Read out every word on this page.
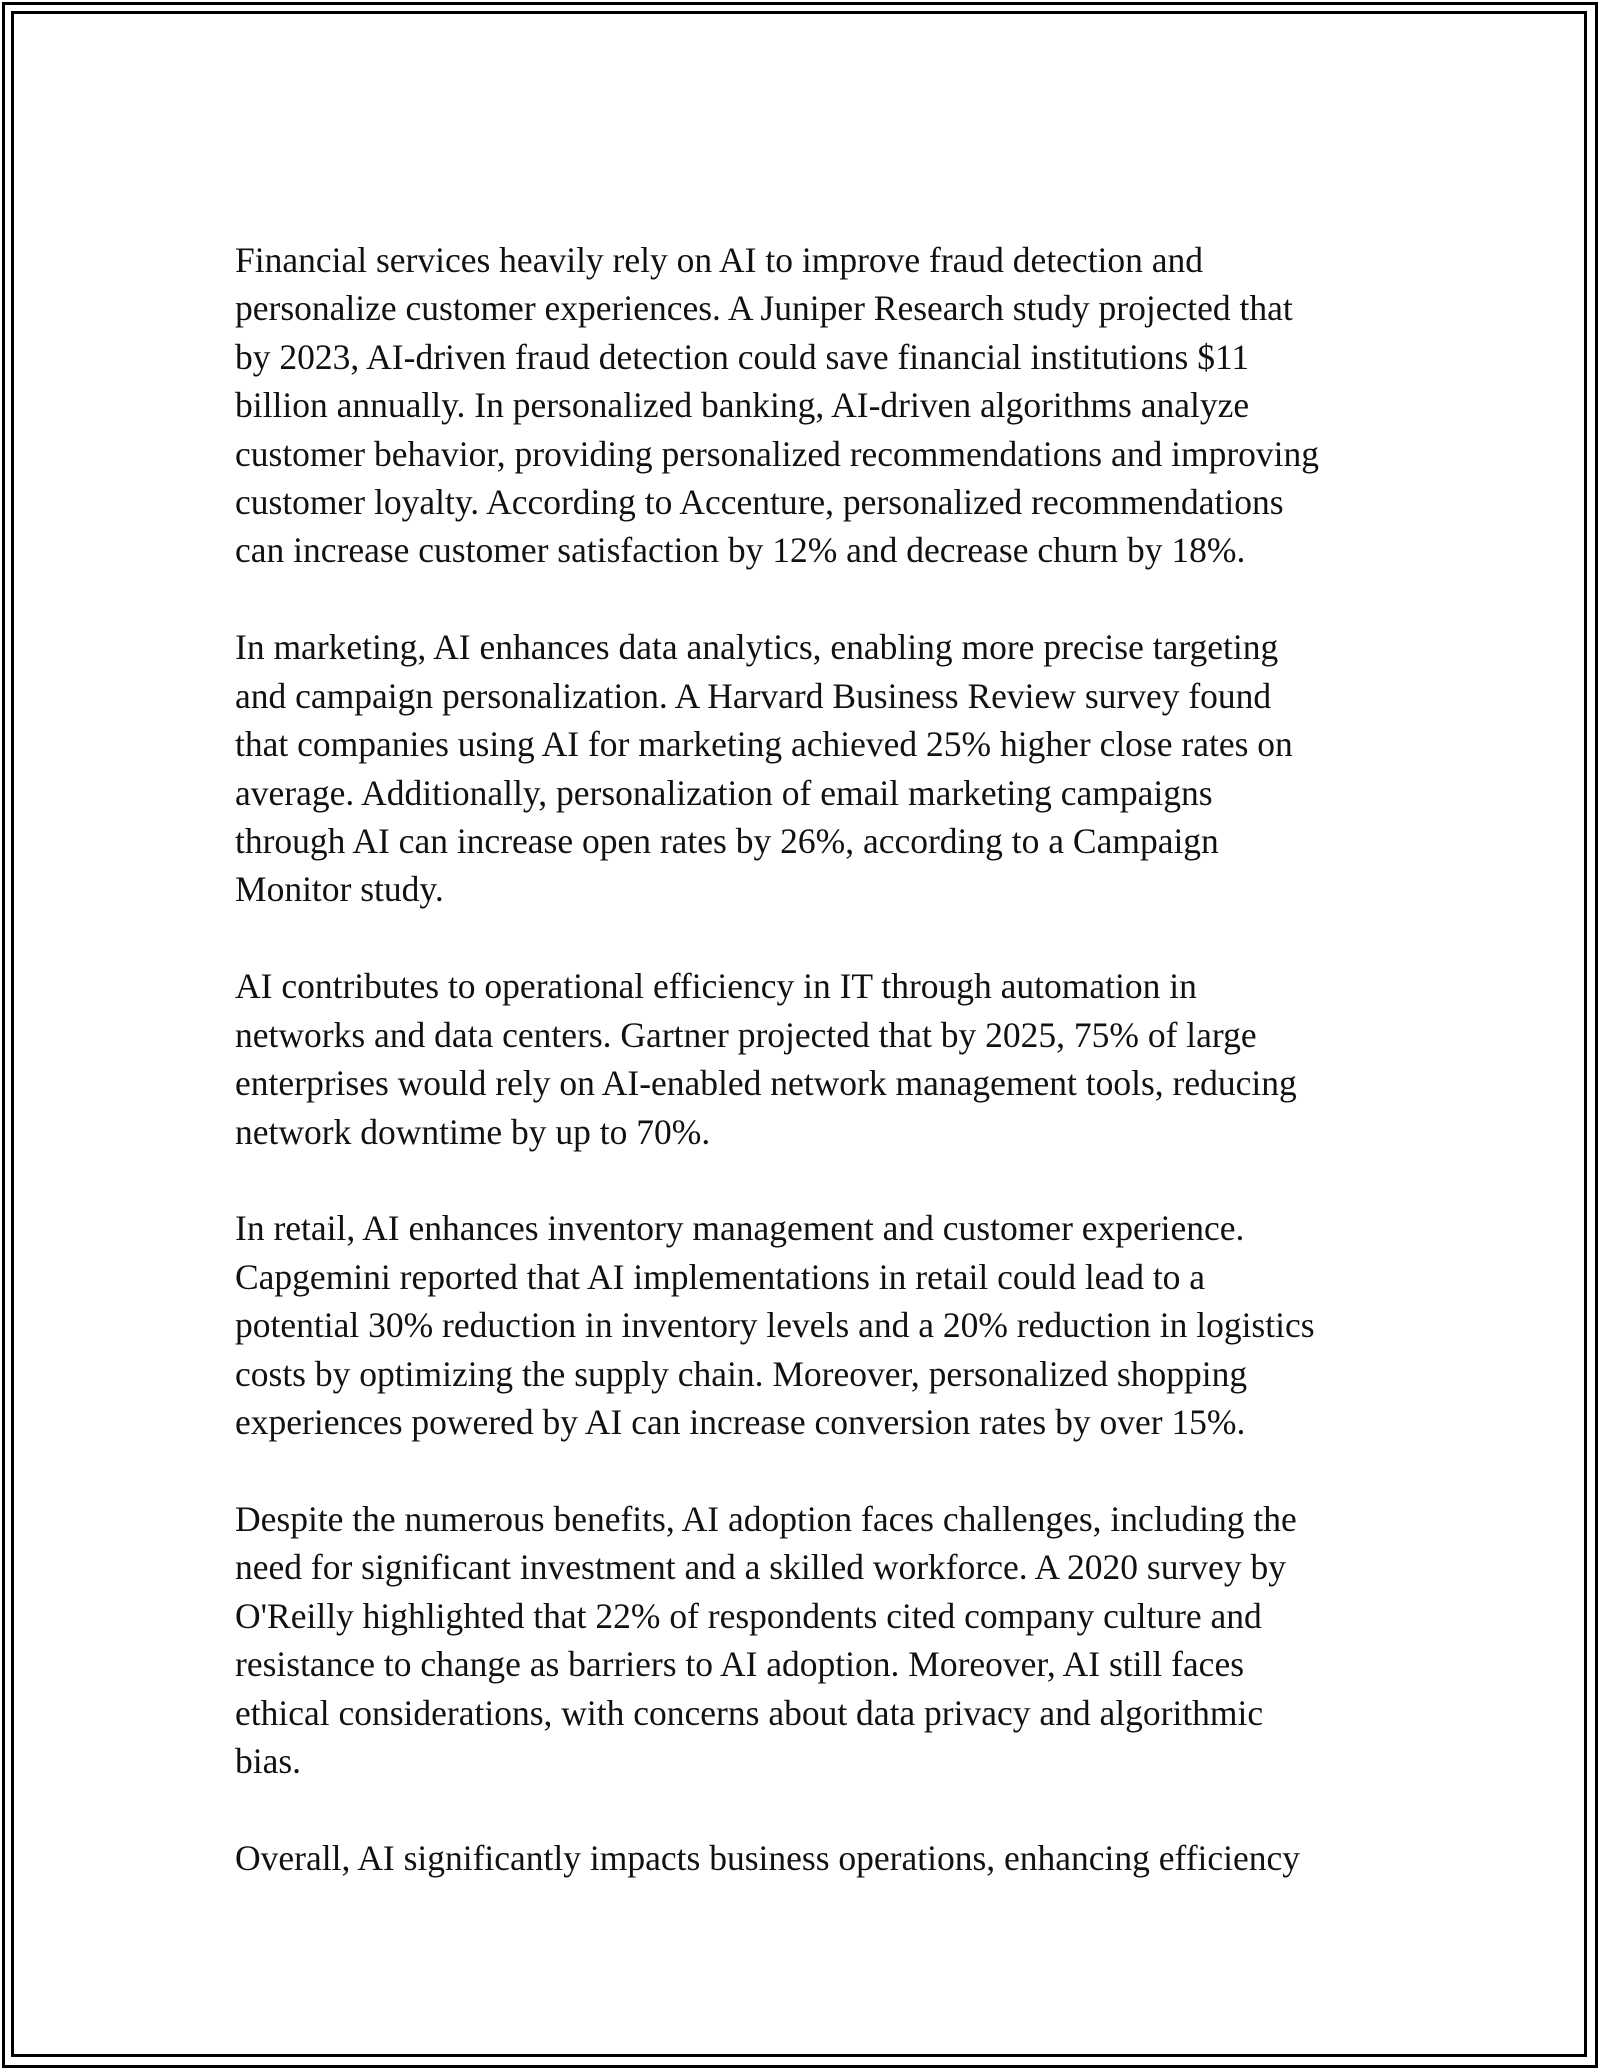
Financial services heavily rely on AI to improve fraud detection and
personalize customer experiences. A Juniper Research study projected that
by 2023, AI-driven fraud detection could save financial institutions $11
billion annually. In personalized banking, AI-driven algorithms analyze
customer behavior, providing personalized recommendations and improving
customer loyalty. According to Accenture, personalized recommendations
can increase customer satisfaction by 12% and decrease churn by 18%.

In marketing, AI enhances data analytics, enabling more precise targeting
and campaign personalization. A Harvard Business Review survey found
that companies using AI for marketing achieved 25% higher close rates on
average. Additionally, personalization of email marketing campaigns
through AI can increase open rates by 26%, according to a Campaign
Monitor study.

AI contributes to operational efficiency in IT through automation in
networks and data centers. Gartner projected that by 2025, 75% of large
enterprises would rely on AI-enabled network management tools, reducing
network downtime by up to 70%.

In retail, AI enhances inventory management and customer experience.
Capgemini reported that AI implementations in retail could lead to a
potential 30% reduction in inventory levels and a 20% reduction in logistics
costs by optimizing the supply chain. Moreover, personalized shopping
experiences powered by AI can increase conversion rates by over 15%.

Despite the numerous benefits, AI adoption faces challenges, including the
need for significant investment and a skilled workforce. A 2020 survey by
O'Reilly highlighted that 22% of respondents cited company culture and
resistance to change as barriers to AI adoption. Moreover, AI still faces
ethical considerations, with concerns about data privacy and algorithmic
bias.

Overall, AI significantly impacts business operations, enhancing efficiency
